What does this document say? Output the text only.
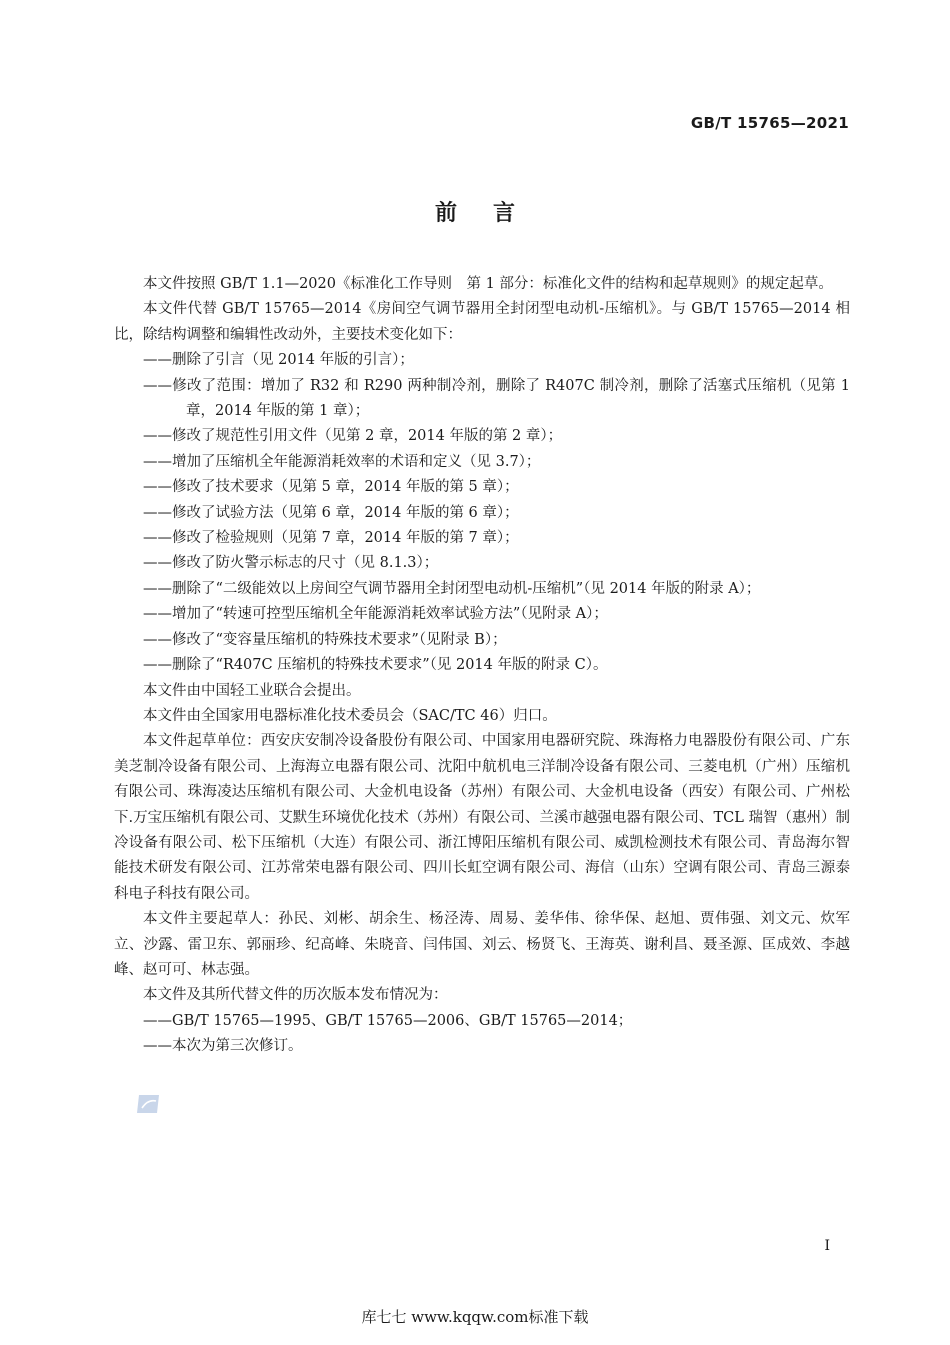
GB/T 15765—2021
前言

本文件按照 GB/T 1.1—2020《标准化工作导则　第 1 部分：标准化文件的结构和起草规则》的规定起草。

本文件代替 GB/T 15765—2014《房间空气调节器用全封闭型电动机-压缩机》。与 GB/T 15765—2014 相比，除结构调整和编辑性改动外，主要技术变化如下：

——删除了引言（见 2014 年版的引言）；

——修改了范围：增加了 R32 和 R290 两种制冷剂，删除了 R407C 制冷剂，删除了活塞式压缩机（见第 1 章，2014 年版的第 1 章）；

——修改了规范性引用文件（见第 2 章，2014 年版的第 2 章）；

——增加了压缩机全年能源消耗效率的术语和定义（见 3.7）；

——修改了技术要求（见第 5 章，2014 年版的第 5 章）；

——修改了试验方法（见第 6 章，2014 年版的第 6 章）；

——修改了检验规则（见第 7 章，2014 年版的第 7 章）；

——修改了防火警示标志的尺寸（见 8.1.3）；

——删除了“二级能效以上房间空气调节器用全封闭型电动机-压缩机”（见 2014 年版的附录 A）；

——增加了“转速可控型压缩机全年能源消耗效率试验方法”（见附录 A）；

——修改了“变容量压缩机的特殊技术要求”（见附录 B）；

——删除了“R407C 压缩机的特殊技术要求”（见 2014 年版的附录 C）。

本文件由中国轻工业联合会提出。

本文件由全国家用电器标准化技术委员会（SAC/TC 46）归口。

本文件起草单位：西安庆安制冷设备股份有限公司、中国家用电器研究院、珠海格力电器股份有限公司、广东美芝制冷设备有限公司、上海海立电器有限公司、沈阳中航机电三洋制冷设备有限公司、三菱电机（广州）压缩机有限公司、珠海凌达压缩机有限公司、大金机电设备（苏州）有限公司、大金机电设备（西安）有限公司、广州松下.万宝压缩机有限公司、艾默生环境优化技术（苏州）有限公司、兰溪市越强电器有限公司、TCL 瑞智（惠州）制冷设备有限公司、松下压缩机（大连）有限公司、浙江博阳压缩机有限公司、威凯检测技术有限公司、青岛海尔智能技术研发有限公司、江苏常荣电器有限公司、四川长虹空调有限公司、海信（山东）空调有限公司、青岛三源泰科电子科技有限公司。

本文件主要起草人：孙民、刘彬、胡余生、杨泾涛、周易、姜华伟、徐华保、赵旭、贾伟强、刘文元、炊军立、沙露、雷卫东、郭丽珍、纪高峰、朱晓音、闫伟国、刘云、杨贤飞、王海英、谢利昌、聂圣源、匡成效、李越峰、赵可可、林志强。

本文件及其所代替文件的历次版本发布情况为：

——GB/T 15765—1995、GB/T 15765—2006、GB/T 15765—2014；

——本次为第三次修订。

I
库七七 www.kqqw.com标准下载
